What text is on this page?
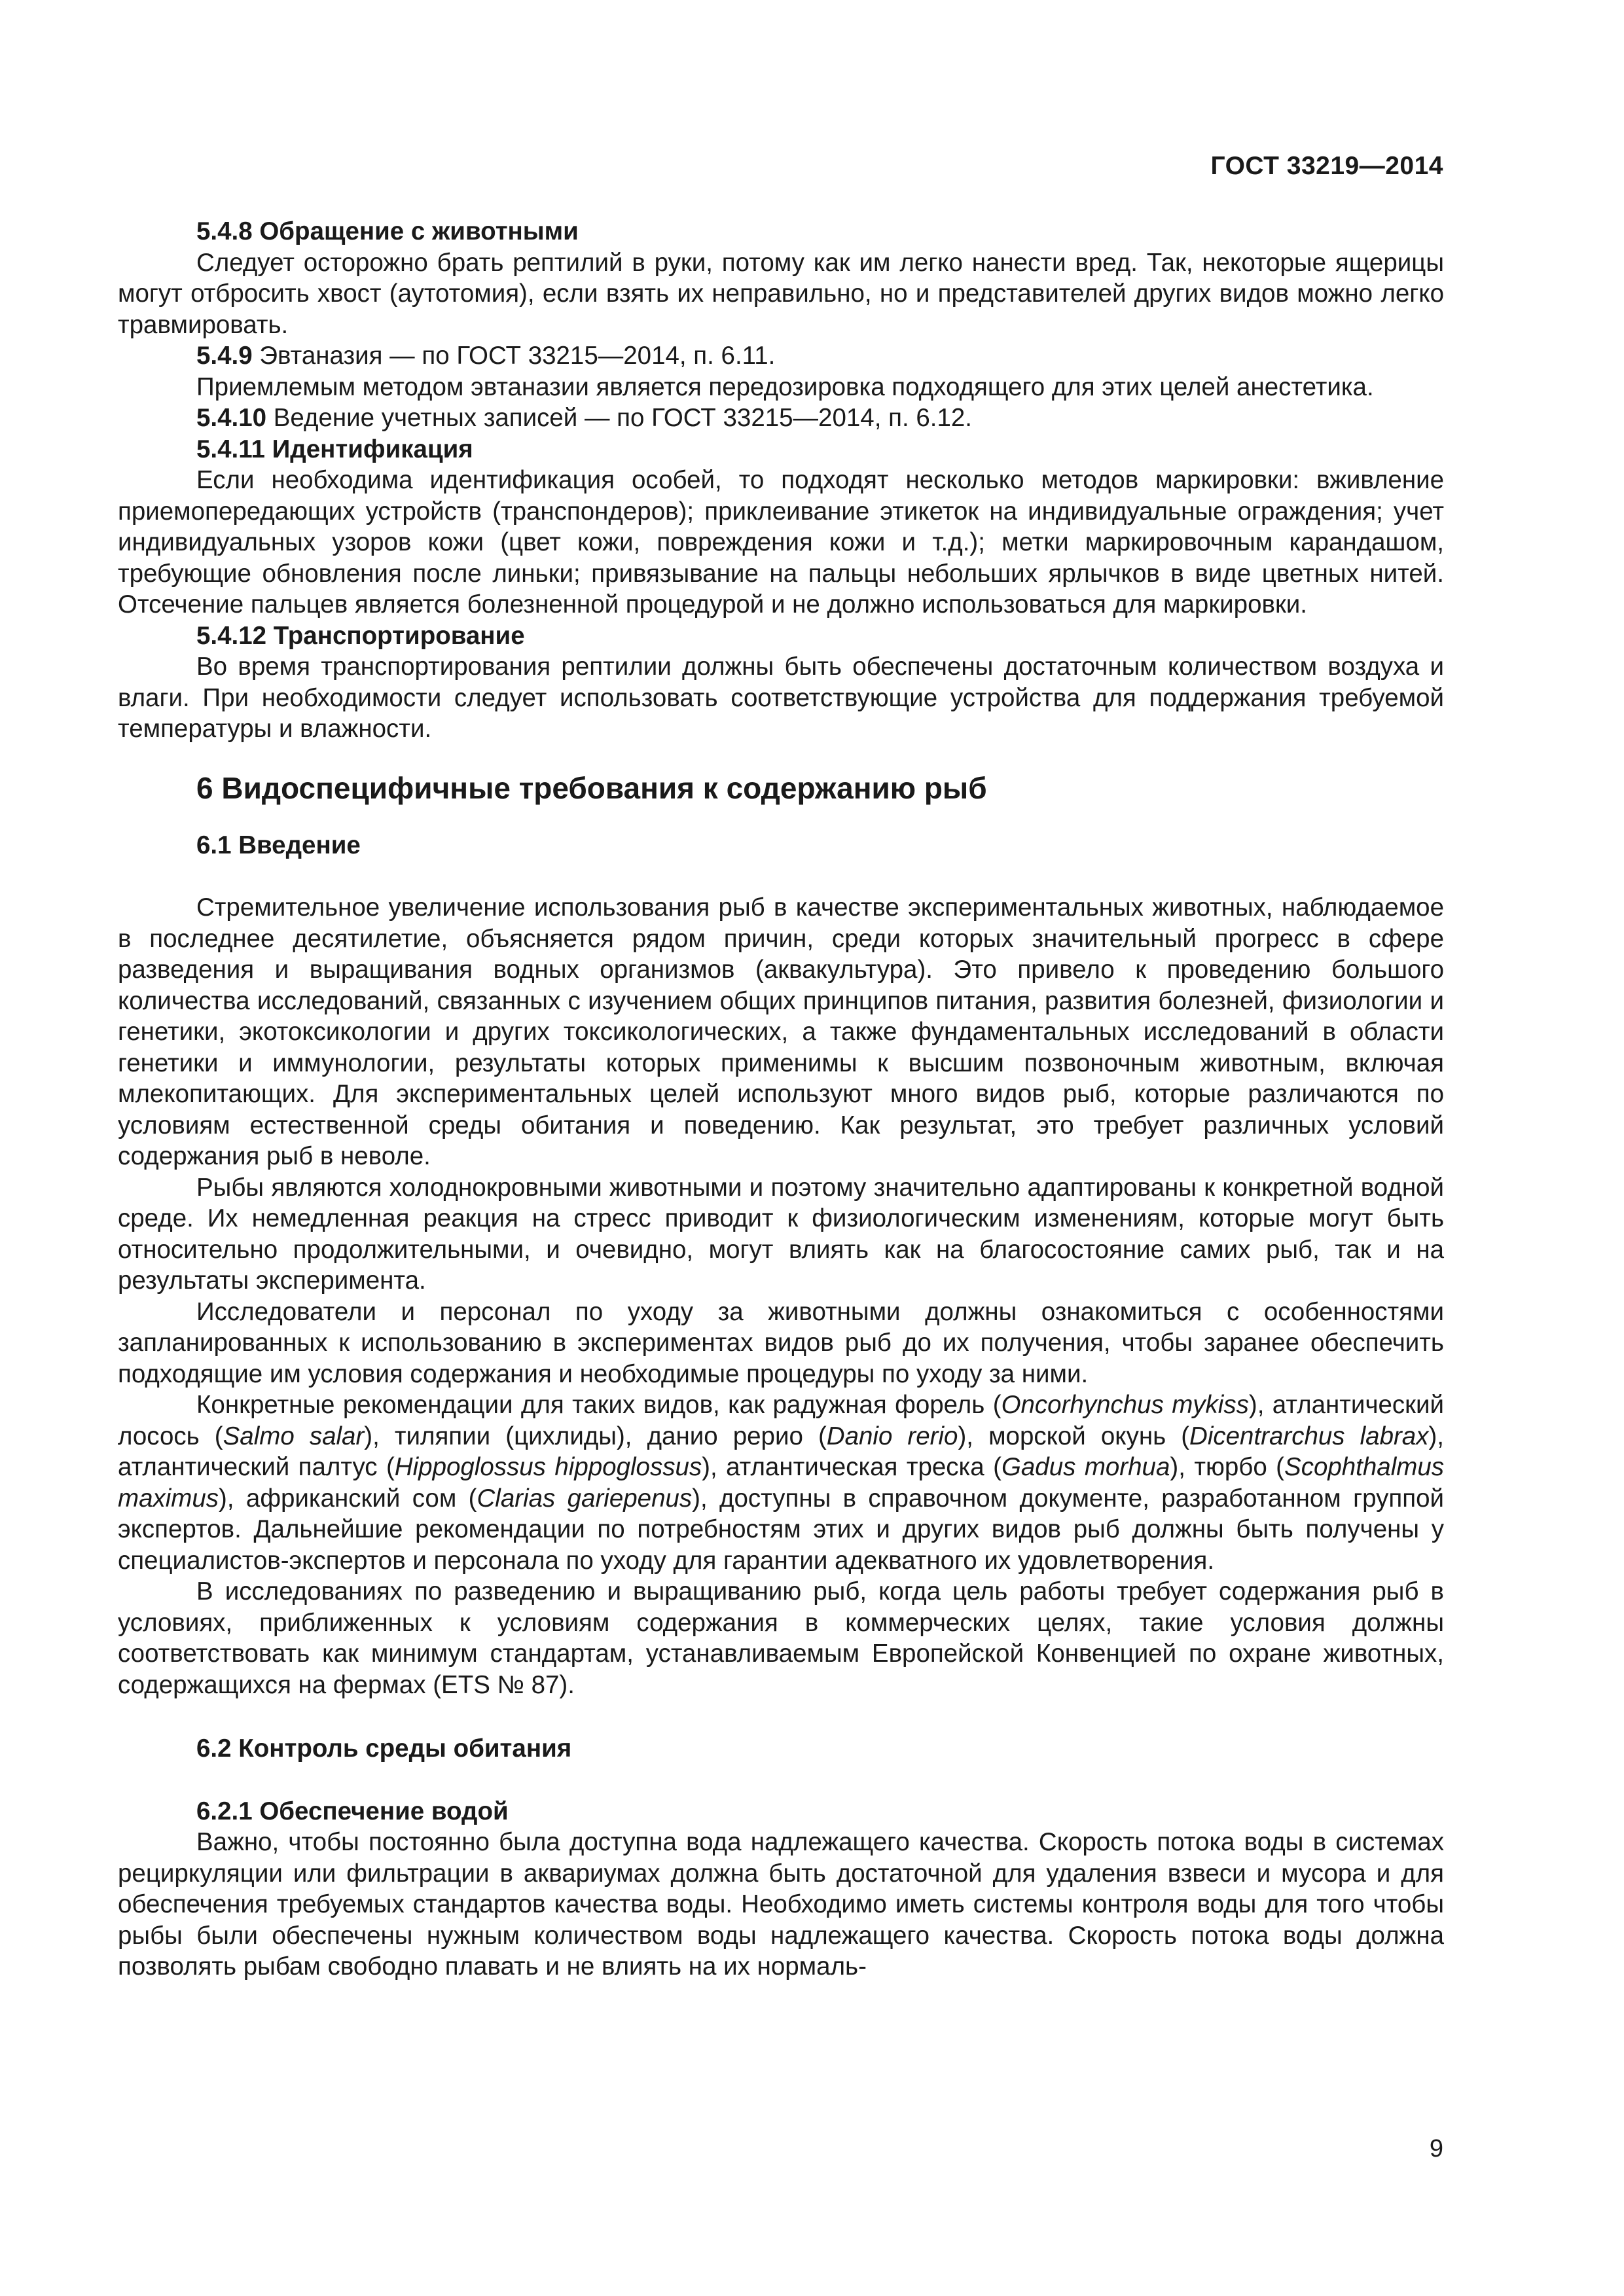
ГОСТ 33219—2014
5.4.8 Обращение с животными

Следует осторожно брать рептилий в руки, потому как им легко нанести вред. Так, некоторые ящерицы могут отбросить хвост (аутотомия), если взять их неправильно, но и представителей других видов можно легко травмировать.

5.4.9 Эвтаназия — по ГОСТ 33215—2014, п. 6.11.

Приемлемым методом эвтаназии является передозировка подходящего для этих целей анестетика.

5.4.10 Ведение учетных записей — по ГОСТ 33215—2014, п. 6.12.
5.4.11 Идентификация

Если необходима идентификация особей, то подходят несколько методов маркировки: вживление приемопередающих устройств (транспондеров); приклеивание этикеток на индивидуальные ограждения; учет индивидуальных узоров кожи (цвет кожи, повреждения кожи и т.д.); метки маркировочным карандашом, требующие обновления после линьки; привязывание на пальцы небольших ярлычков в виде цветных нитей. Отсечение пальцев является болезненной процедурой и не должно использоваться для маркировки.

5.4.12 Транспортирование

Во время транспортирования рептилии должны быть обеспечены достаточным количеством воздуха и влаги. При необходимости следует использовать соответствующие устройства для поддержания требуемой температуры и влажности.

6 Видоспецифичные требования к содержанию рыб
6.1 Введение

Стремительное увеличение использования рыб в качестве экспериментальных животных, наблюдаемое в последнее десятилетие, объясняется рядом причин, среди которых значительный прогресс в сфере разведения и выращивания водных организмов (аквакультура). Это привело к проведению большого количества исследований, связанных с изучением общих принципов питания, развития болезней, физиологии и генетики, экотоксикологии и других токсикологических, а также фундаментальных исследований в области генетики и иммунологии, результаты которых применимы к высшим позвоночным животным, включая млекопитающих. Для экспериментальных целей используют много видов рыб, которые различаются по условиям естественной среды обитания и поведению. Как результат, это требует различных условий содержания рыб в неволе.

Рыбы являются холоднокровными животными и поэтому значительно адаптированы к конкретной водной среде. Их немедленная реакция на стресс приводит к физиологическим изменениям, которые могут быть относительно продолжительными, и очевидно, могут влиять как на благосостояние самих рыб, так и на результаты эксперимента.

Исследователи и персонал по уходу за животными должны ознакомиться с особенностями запланированных к использованию в экспериментах видов рыб до их получения, чтобы заранее обеспечить подходящие им условия содержания и необходимые процедуры по уходу за ними.

Конкретные рекомендации для таких видов, как радужная форель (Oncorhynchus mykiss), атлантический лосось (Salmo salar), тиляпии (цихлиды), данио рерио (Danio rerio), морской окунь (Dicentrarchus labrax), атлантический палтус (Hippoglossus hippoglossus), атлантическая треска (Gadus morhua), тюрбо (Scophthalmus maximus), африканский сом (Clarias gariepenus), доступны в справочном документе, разработанном группой экспертов. Дальнейшие рекомендации по потребностям этих и других видов рыб должны быть получены у специалистов-экспертов и персонала по уходу для гарантии адекватного их удовлетворения.

В исследованиях по разведению и выращиванию рыб, когда цель работы требует содержания рыб в условиях, приближенных к условиям содержания в коммерческих целях, такие условия должны соответствовать как минимум стандартам, устанавливаемым Европейской Конвенцией по охране животных, содержащихся на фермах (ETS № 87).

6.2 Контроль среды обитания
6.2.1 Обеспечение водой

Важно, чтобы постоянно была доступна вода надлежащего качества. Скорость потока воды в системах рециркуляции или фильтрации в аквариумах должна быть достаточной для удаления взвеси и мусора и для обеспечения требуемых стандартов качества воды. Необходимо иметь системы контроля воды для того чтобы рыбы были обеспечены нужным количеством воды надлежащего качества. Скорость потока воды должна позволять рыбам свободно плавать и не влиять на их нормаль-

9
